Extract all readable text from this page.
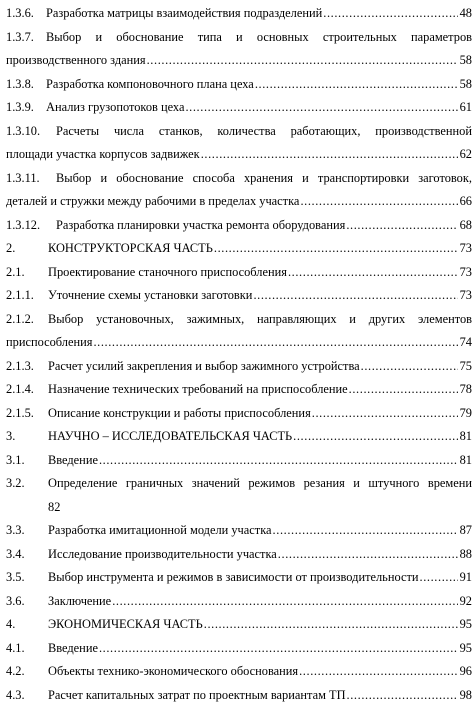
1.3.6. Разработка матрицы взаимодействия подразделений .....	48
1.3.7. Выбор и обоснование типа и основных строительных параметров
производственного здания .....	58
1.3.8. Разработка компоновочного плана цеха .....	58
1.3.9. Анализ грузопотоков цеха .....	61
1.3.10. Расчеты числа станков, количества работающих, производственной
площади участка корпусов задвижек .....	62
1.3.11. Выбор и обоснование способа хранения и транспортировки заготовок,
деталей и стружки между рабочими в пределах участка .....	66
1.3.12. Разработка планировки участка ремонта оборудования .....	68
2.	КОНСТРУКТОРСКАЯ ЧАСТЬ .....	73
2.1. Проектирование станочного приспособления .....	73
2.1.1. Уточнение схемы установки заготовки .....	73
2.1.2. Выбор установочных, зажимных, направляющих и других элементов
приспособления .....	74
2.1.3. Расчет усилий закрепления и выбор зажимного устройства .....	75
2.1.4. Назначение технических требований на приспособление .....	78
2.1.5. Описание конструкции и работы приспособления .....	79
3.	НАУЧНО – ИССЛЕДОВАТЕЛЬСКАЯ ЧАСТЬ .....	81
3.1. Введение .....	81
3.2. Определение граничных значений режимов резания и штучного времени
82
3.3. Разработка имитационной модели участка .....	87
3.4. Исследование производительности участка .....	88
3.5. Выбор инструмента и режимов в зависимости от производительности .....	91
3.6. Заключение .....	92
4.	ЭКОНОМИЧЕСКАЯ ЧАСТЬ .....	95
4.1. Введение .....	95
4.2. Объекты технико-экономического обоснования .....	96
4.3. Расчет капитальных затрат по проектным вариантам ТП .....	98
